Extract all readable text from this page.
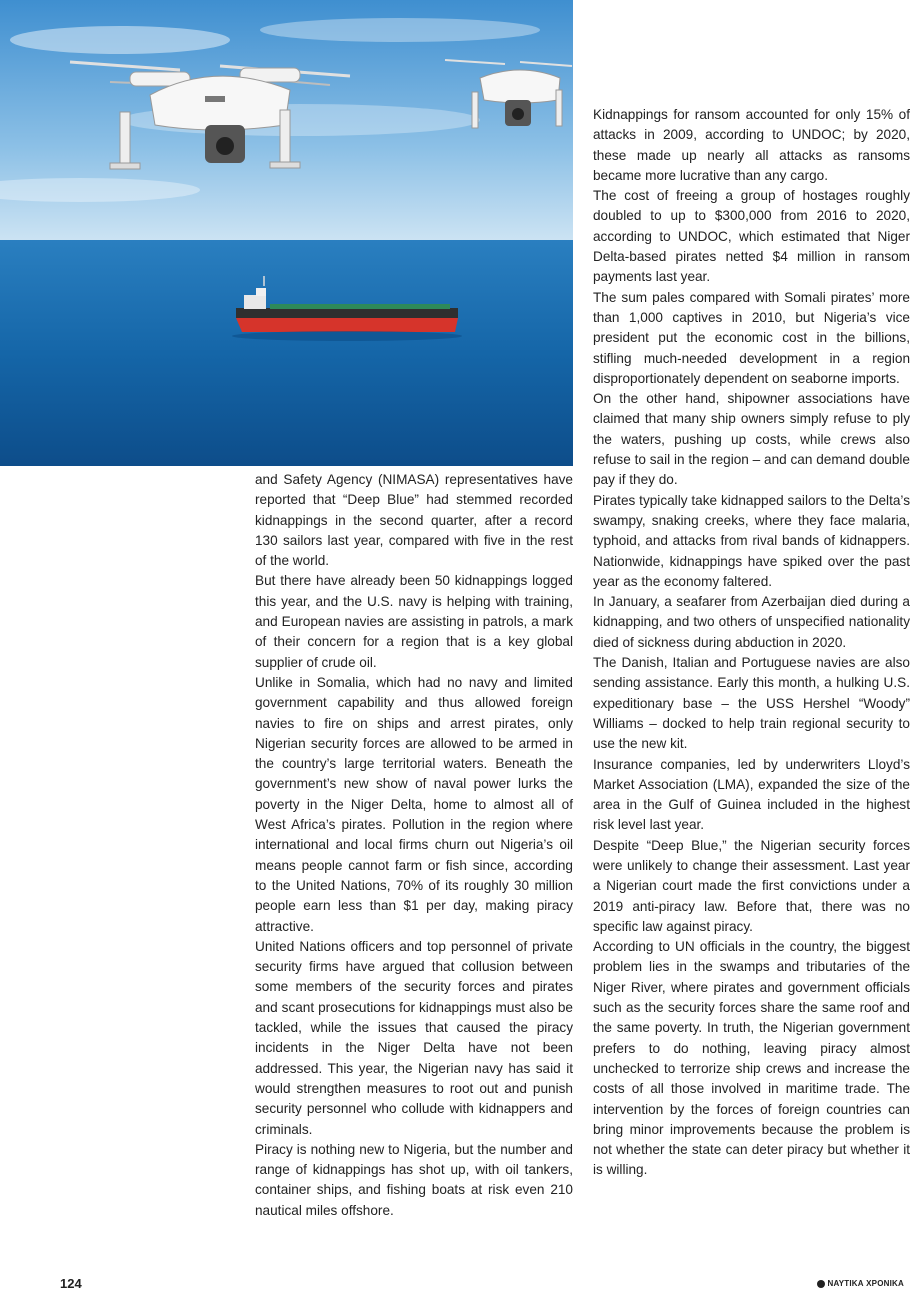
and Safety Agency (NIMASA) representatives have reported that “Deep Blue” had stemmed recorded kidnappings in the second quarter, after a record 130 sailors last year, compared with five in the rest of the world.

But there have already been 50 kidnappings logged this year, and the U.S. navy is helping with training, and European navies are assisting in patrols, a mark of their concern for a region that is a key global supplier of crude oil.

Unlike in Somalia, which had no navy and limited government capability and thus allowed foreign navies to fire on ships and arrest pirates, only Nigerian security forces are allowed to be armed in the country’s large territorial waters. Beneath the government’s new show of naval power lurks the poverty in the Niger Delta, home to almost all of West Africa’s pirates. Pollution in the region where international and local firms churn out Nigeria’s oil means people cannot farm or fish since, according to the United Nations, 70% of its roughly 30 million people earn less than $1 per day, making piracy attractive.

United Nations officers and top personnel of private security firms have argued that collusion between some members of the security forces and pirates and scant prosecutions for kidnappings must also be tackled, while the issues that caused the piracy incidents in the Niger Delta have not been addressed. This year, the Nigerian navy has said it would strengthen measures to root out and punish security personnel who collude with kidnappers and criminals.

Piracy is nothing new to Nigeria, but the number and range of kidnappings has shot up, with oil tankers, container ships, and fishing boats at risk even 210 nautical miles offshore.

Kidnappings for ransom accounted for only 15% of attacks in 2009, according to UNDOC; by 2020, these made up nearly all attacks as ransoms became more lucrative than any cargo.

The cost of freeing a group of hostages roughly doubled to up to $300,000 from 2016 to 2020, according to UNDOC, which estimated that Niger Delta-based pirates netted $4 million in ransom payments last year.

The sum pales compared with Somali pirates’ more than 1,000 captives in 2010, but Nigeria’s vice president put the economic cost in the billions, stifling much-needed development in a region disproportionately dependent on seaborne imports.

On the other hand, shipowner associations have claimed that many ship owners simply refuse to ply the waters, pushing up costs, while crews also refuse to sail in the region – and can demand double pay if they do.

Pirates typically take kidnapped sailors to the Delta’s swampy, snaking creeks, where they face malaria, typhoid, and attacks from rival bands of kidnappers. Nationwide, kidnappings have spiked over the past year as the economy faltered.

In January, a seafarer from Azerbaijan died during a kidnapping, and two others of unspecified nationality died of sickness during abduction in 2020.

The Danish, Italian and Portuguese navies are also sending assistance. Early this month, a hulking U.S. expeditionary base – the USS Hershel “Woody” Williams – docked to help train regional security to use the new kit.

Insurance companies, led by underwriters Lloyd’s Market Association (LMA), expanded the size of the area in the Gulf of Guinea included in the highest risk level last year.

Despite “Deep Blue,” the Nigerian security forces were unlikely to change their assessment. Last year a Nigerian court made the first convictions under a 2019 anti-piracy law. Before that, there was no specific law against piracy.

According to UN officials in the country, the biggest problem lies in the swamps and tributaries of the Niger River, where pirates and government officials such as the security forces share the same roof and the same poverty. In truth, the Nigerian government prefers to do nothing, leaving piracy almost unchecked to terrorize ship crews and increase the costs of all those involved in maritime trade. The intervention by the forces of foreign countries can bring minor improvements because the problem is not whether the state can deter piracy but whether it is willing.

124	ΝΑΥΤΙΚΑ ΧΡΟΝΙΚΑ
